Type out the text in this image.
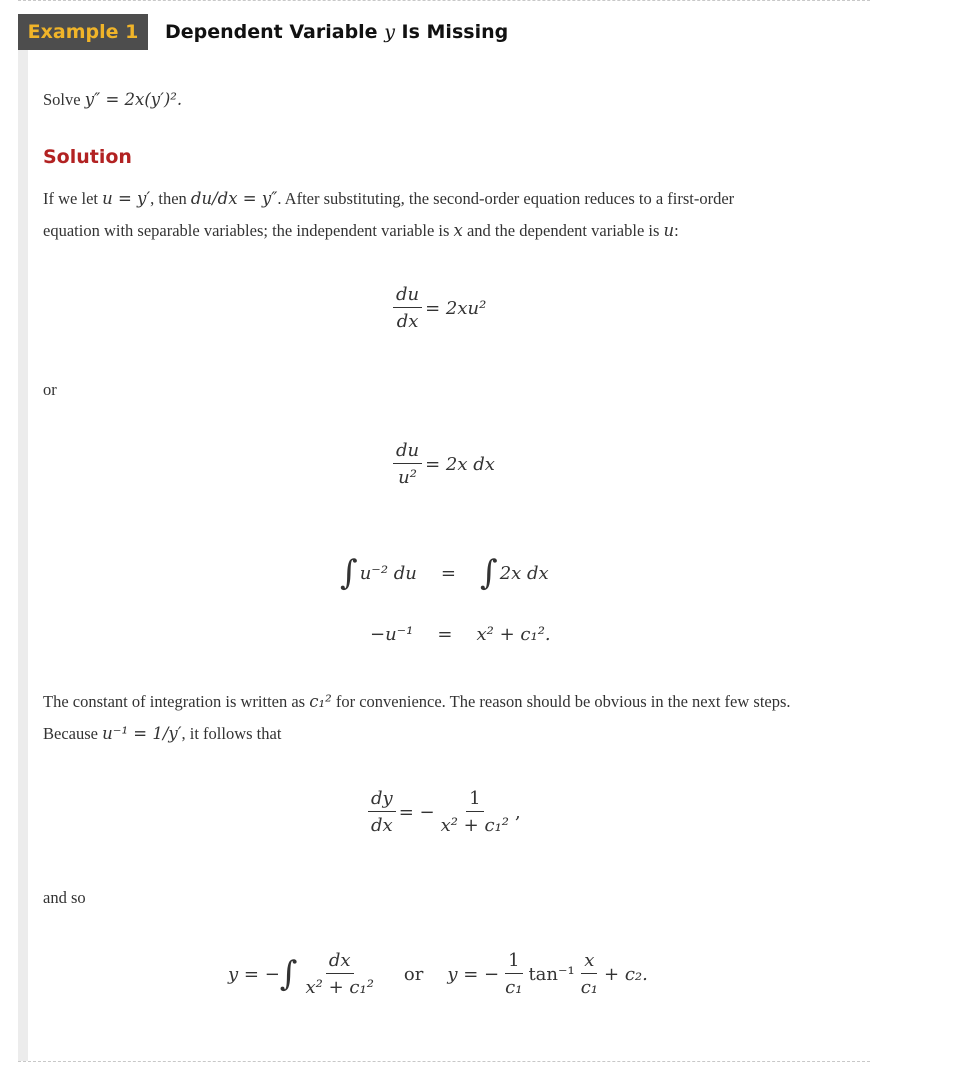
Example 1	Dependent Variable y Is Missing
Solve y″ = 2x(y′)².
Solution
If we let u = y′, then du/dx = y″. After substituting, the second-order equation reduces to a first-order
equation with separable variables; the independent variable is x and the dependent variable is u:
$\frac{du}{dx} = 2xu^2$
or
$\frac{du}{\text{u²}} = 2x$ dx
∫ u⁻² du = ∫ 2x dx
−u⁻¹ = x² + c₁².
The constant of integration is written as c₁² for convenience. The reason should be obvious in the next few steps.
Because u⁻¹ = 1/y′, it follows that
$\frac{dy}{dx}$ = − $\frac{1}{\text{x² + c₁²}}$ ,
and so
y = − ∫ $\frac{dx}{\text{x² + c₁²}}$ or y = − $\frac{1}{\text{c₁}} \tan^{-1} \frac{x}{\text{c₁}} + c_2$.
